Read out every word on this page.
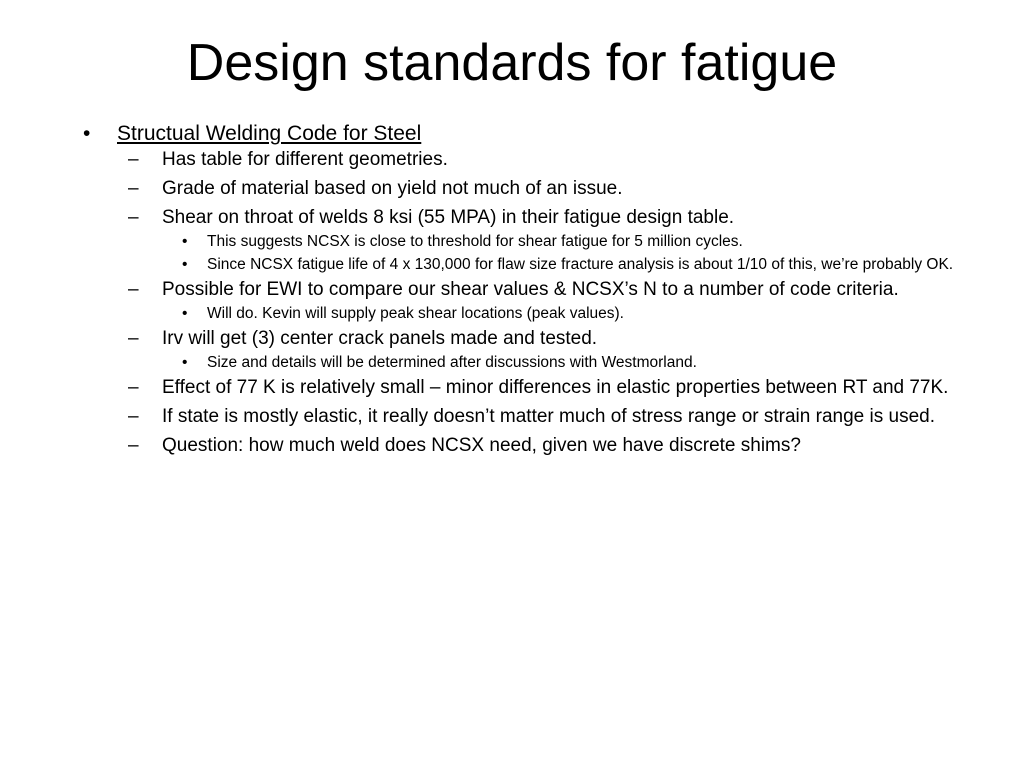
Design standards for fatigue
• Structual Welding Code for Steel
– Has table for different geometries.
– Grade of material based on yield not much of an issue.
– Shear on throat of welds 8 ksi (55 MPA) in their fatigue design table.
• This suggests NCSX is close to threshold for shear fatigue for 5 million cycles.
• Since NCSX fatigue life of 4 x 130,000 for flaw size fracture analysis is about 1/10 of this, we’re probably OK.
– Possible for EWI to compare our shear values & NCSX’s N to a number of code criteria.
• Will do. Kevin will supply peak shear locations (peak values).
– Irv will get (3) center crack panels made and tested.
• Size and details will be determined after discussions with Westmorland.
– Effect of 77 K is relatively small – minor differences in elastic properties between RT and 77K.
– If state is mostly elastic, it really doesn’t matter much of stress range or strain range is used.
– Question: how much weld does NCSX need, given we have discrete shims?
